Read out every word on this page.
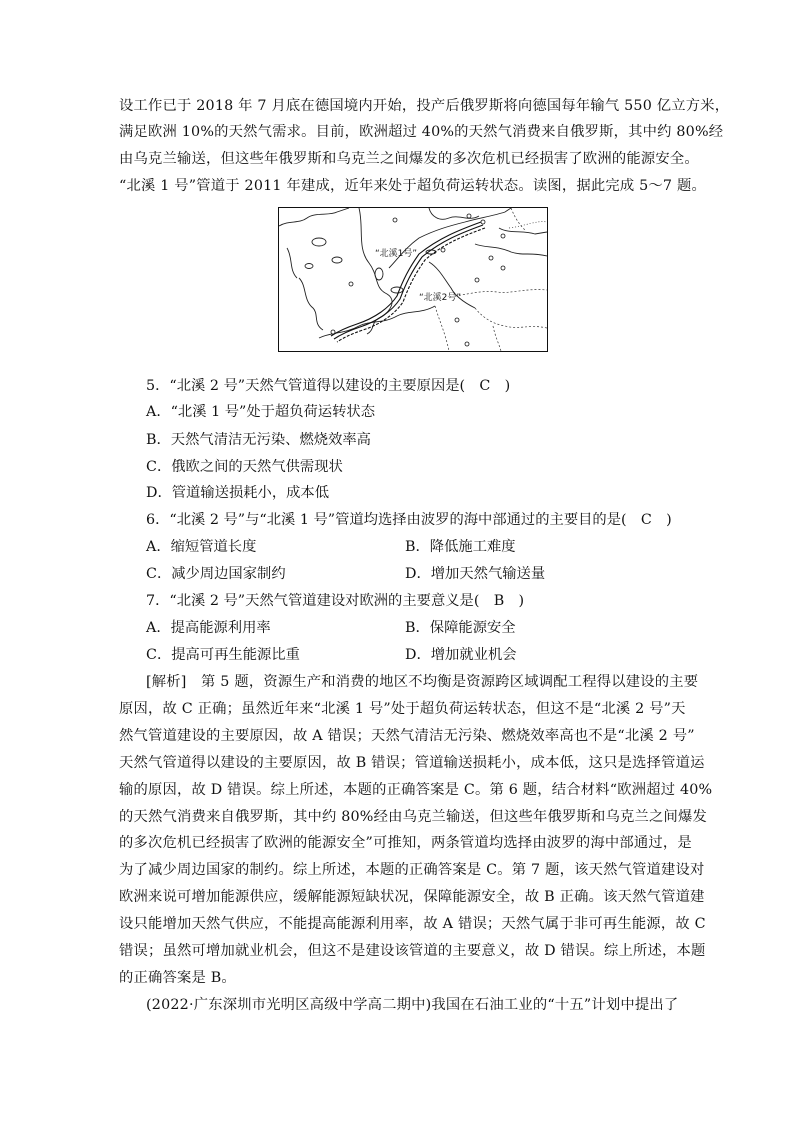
设工作已于 2018 年 7 月底在德国境内开始，投产后俄罗斯将向德国每年输气 550 亿立方米，
满足欧洲 10%的天然气需求。目前，欧洲超过 40%的天然气消费来自俄罗斯，其中约 80%经
由乌克兰输送，但这些年俄罗斯和乌克兰之间爆发的多次危机已经损害了欧洲的能源安全。
“北溪 1 号”管道于 2011 年建成，近年来处于超负荷运转状态。读图，据此完成 5～7 题。
“北溪1号”
“北溪2号”
5．“北溪 2 号”天然气管道得以建设的主要原因是(　C　)
A．“北溪 1 号”处于超负荷运转状态
B．天然气清洁无污染、燃烧效率高
C．俄欧之间的天然气供需现状
D．管道输送损耗小，成本低
6．“北溪 2 号”与“北溪 1 号”管道均选择由波罗的海中部通过的主要目的是(　C　)
A．缩短管道长度	B．降低施工难度
C．减少周边国家制约	D．增加天然气输送量
7．“北溪 2 号”天然气管道建设对欧洲的主要意义是(　B　)
A．提高能源利用率	B．保障能源安全
C．提高可再生能源比重	D．增加就业机会
[解析]　第 5 题，资源生产和消费的地区不均衡是资源跨区域调配工程得以建设的主要
原因，故 C 正确；虽然近年来“北溪 1 号”处于超负荷运转状态，但这不是“北溪 2 号”天
然气管道建设的主要原因，故 A 错误；天然气清洁无污染、燃烧效率高也不是“北溪 2 号”
天然气管道得以建设的主要原因，故 B 错误；管道输送损耗小，成本低，这只是选择管道运
输的原因，故 D 错误。综上所述，本题的正确答案是 C。第 6 题，结合材料“欧洲超过 40%
的天然气消费来自俄罗斯，其中约 80%经由乌克兰输送，但这些年俄罗斯和乌克兰之间爆发
的多次危机已经损害了欧洲的能源安全”可推知，两条管道均选择由波罗的海中部通过，是
为了减少周边国家的制约。综上所述，本题的正确答案是 C。第 7 题，该天然气管道建设对
欧洲来说可增加能源供应，缓解能源短缺状况，保障能源安全，故 B 正确。该天然气管道建
设只能增加天然气供应，不能提高能源利用率，故 A 错误；天然气属于非可再生能源，故 C
错误；虽然可增加就业机会，但这不是建设该管道的主要意义，故 D 错误。综上所述，本题
的正确答案是 B。
(2022·广东深圳市光明区高级中学高二期中)我国在石油工业的“十五”计划中提出了
